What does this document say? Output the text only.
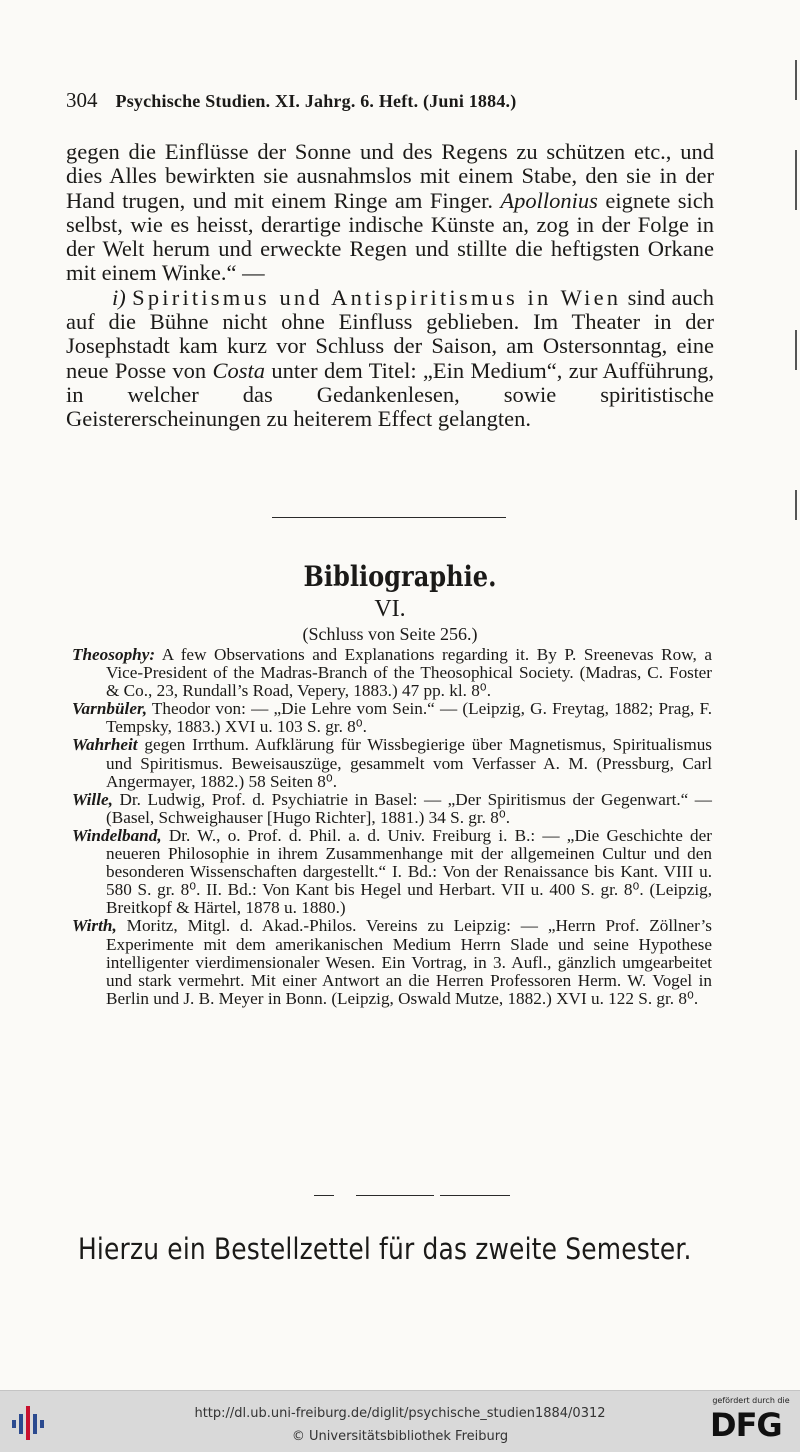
304 Psychische Studien. XI. Jahrg. 6. Heft. (Juni 1884.)

gegen die Einflüsse der Sonne und des Regens zu schützen etc., und dies Alles bewirkten sie ausnahmslos mit einem Stabe, den sie in der Hand trugen, und mit einem Ringe am Finger. Apollonius eignete sich selbst, wie es heisst, derartige indische Künste an, zog in der Folge in der Welt herum und erweckte Regen und stillte die heftigsten Orkane mit einem Winke.“ —

i) Spiritismus und Antispiritismus in Wien sind auch auf die Bühne nicht ohne Einfluss geblieben. Im Theater in der Josephstadt kam kurz vor Schluss der Saison, am Ostersonntag, eine neue Posse von Costa unter dem Titel: „Ein Medium“, zur Aufführung, in welcher das Gedankenlesen, sowie spiritistische Geistererscheinungen zu heiterem Effect gelangten.

Bibliographie.
VI.
(Schluss von Seite 256.)

Theosophy: A few Observations and Explanations regarding it. By P. Sreenevas Row, a Vice-President of the Madras-Branch of the Theosophical Society. (Madras, C. Foster & Co., 23, Rundall’s Road, Vepery, 1883.) 47 pp. kl. 8⁰.

Varnbüler, Theodor von: — „Die Lehre vom Sein.“ — (Leipzig, G. Freytag, 1882; Prag, F. Tempsky, 1883.) XVI u. 103 S. gr. 8⁰.

Wahrheit gegen Irrthum. Aufklärung für Wissbegierige über Magnetismus, Spiritualismus und Spiritismus. Beweisauszüge, gesammelt vom Verfasser A. M. (Pressburg, Carl Angermayer, 1882.) 58 Seiten 8⁰.

Wille, Dr. Ludwig, Prof. d. Psychiatrie in Basel: — „Der Spiritismus der Gegenwart.“ — (Basel, Schweighauser [Hugo Richter], 1881.) 34 S. gr. 8⁰.

Windelband, Dr. W., o. Prof. d. Phil. a. d. Univ. Freiburg i. B.: — „Die Geschichte der neueren Philosophie in ihrem Zusammenhange mit der allgemeinen Cultur und den besonderen Wissenschaften dargestellt.“ I. Bd.: Von der Renaissance bis Kant. VIII u. 580 S. gr. 8⁰. II. Bd.: Von Kant bis Hegel und Herbart. VII u. 400 S. gr. 8⁰. (Leipzig, Breitkopf & Härtel, 1878 u. 1880.)

Wirth, Moritz, Mitgl. d. Akad.-Philos. Vereins zu Leipzig: — „Herrn Prof. Zöllner’s Experimente mit dem amerikanischen Medium Herrn Slade und seine Hypothese intelligenter vierdimensionaler Wesen. Ein Vortrag, in 3. Aufl., gänzlich umgearbeitet und stark vermehrt. Mit einer Antwort an die Herren Professoren Herm. W. Vogel in Berlin und J. B. Meyer in Bonn. (Leipzig, Oswald Mutze, 1882.) XVI u. 122 S. gr. 8⁰.

Hierzu ein Bestellzettel für das zweite Semester.
http://dl.ub.uni-freiburg.de/diglit/psychische_studien1884/0312
© Universitätsbibliothek Freiburg
gefördert durch die
DFG
